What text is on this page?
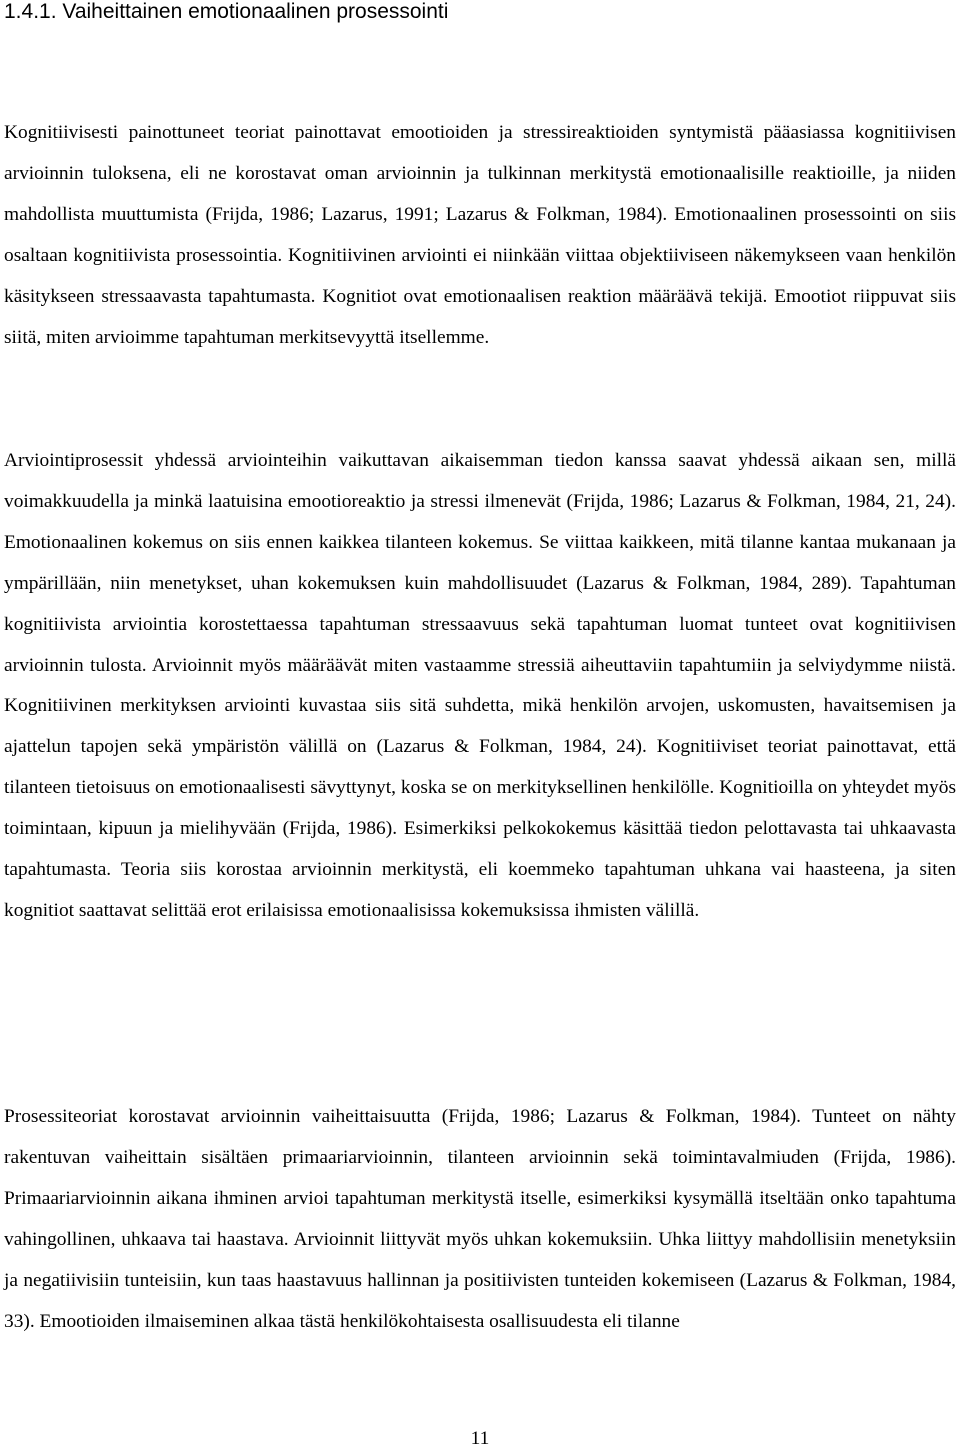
1.4.1. Vaiheittainen emotionaalinen prosessointi

Kognitiivisesti painottuneet teoriat painottavat emootioiden ja stressireaktioiden syntymistä pääasiassa kognitiivisen arvioinnin tuloksena, eli ne korostavat oman arvioinnin ja tulkinnan merkitystä emotionaalisille reaktioille, ja niiden mahdollista muuttumista (Frijda, 1986; Lazarus, 1991; Lazarus & Folkman, 1984). Emotionaalinen prosessointi on siis osaltaan kognitiivista prosessointia. Kognitiivinen arviointi ei niinkään viittaa objektiiviseen näkemykseen vaan henkilön käsitykseen stressaavasta tapahtumasta. Kognitiot ovat emotionaalisen reaktion määräävä tekijä. Emootiot riippuvat siis siitä, miten arvioimme tapahtuman merkitsevyyttä itsellemme.

Arviointiprosessit yhdessä arviointeihin vaikuttavan aikaisemman tiedon kanssa saavat yhdessä aikaan sen, millä voimakkuudella ja minkä laatuisina emootioreaktio ja stressi ilmenevät (Frijda, 1986; Lazarus & Folkman, 1984, 21, 24). Emotionaalinen kokemus on siis ennen kaikkea tilanteen kokemus. Se viittaa kaikkeen, mitä tilanne kantaa mukanaan ja ympärillään, niin menetykset, uhan kokemuksen kuin mahdollisuudet (Lazarus & Folkman, 1984, 289). Tapahtuman kognitiivista arviointia korostettaessa tapahtuman stressaavuus sekä tapahtuman luomat tunteet ovat kognitiivisen arvioinnin tulosta. Arvioinnit myös määräävät miten vastaamme stressiä aiheuttaviin tapahtumiin ja selviydymme niistä. Kognitiivinen merkityksen arviointi kuvastaa siis sitä suhdetta, mikä henkilön arvojen, uskomusten, havaitsemisen ja ajattelun tapojen sekä ympäristön välillä on (Lazarus & Folkman, 1984, 24). Kognitiiviset teoriat painottavat, että tilanteen tietoisuus on emotionaalisesti sävyttynyt, koska se on merkityksellinen henkilölle. Kognitioilla on yhteydet myös toimintaan, kipuun ja mielihyvään (Frijda, 1986). Esimerkiksi pelkokokemus käsittää tiedon pelottavasta tai uhkaavasta tapahtumasta. Teoria siis korostaa arvioinnin merkitystä, eli koemmeko tapahtuman uhkana vai haasteena, ja siten kognitiot saattavat selittää erot erilaisissa emotionaalisissa kokemuksissa ihmisten välillä.

Prosessiteoriat korostavat arvioinnin vaiheittaisuutta (Frijda, 1986; Lazarus & Folkman, 1984). Tunteet on nähty rakentuvan vaiheittain sisältäen primaariarvioinnin, tilanteen arvioinnin sekä toimintavalmiuden (Frijda, 1986). Primaariarvioinnin aikana ihminen arvioi tapahtuman merkitystä itselle, esimerkiksi kysymällä itseltään onko tapahtuma vahingollinen, uhkaava tai haastava. Arvioinnit liittyvät myös uhkan kokemuksiin. Uhka liittyy mahdollisiin menetyksiin ja negatiivisiin tunteisiin, kun taas haastavuus hallinnan ja positiivisten tunteiden kokemiseen (Lazarus & Folkman, 1984, 33). Emootioiden ilmaiseminen alkaa tästä henkilökohtaisesta osallisuudesta eli tilanne

11
